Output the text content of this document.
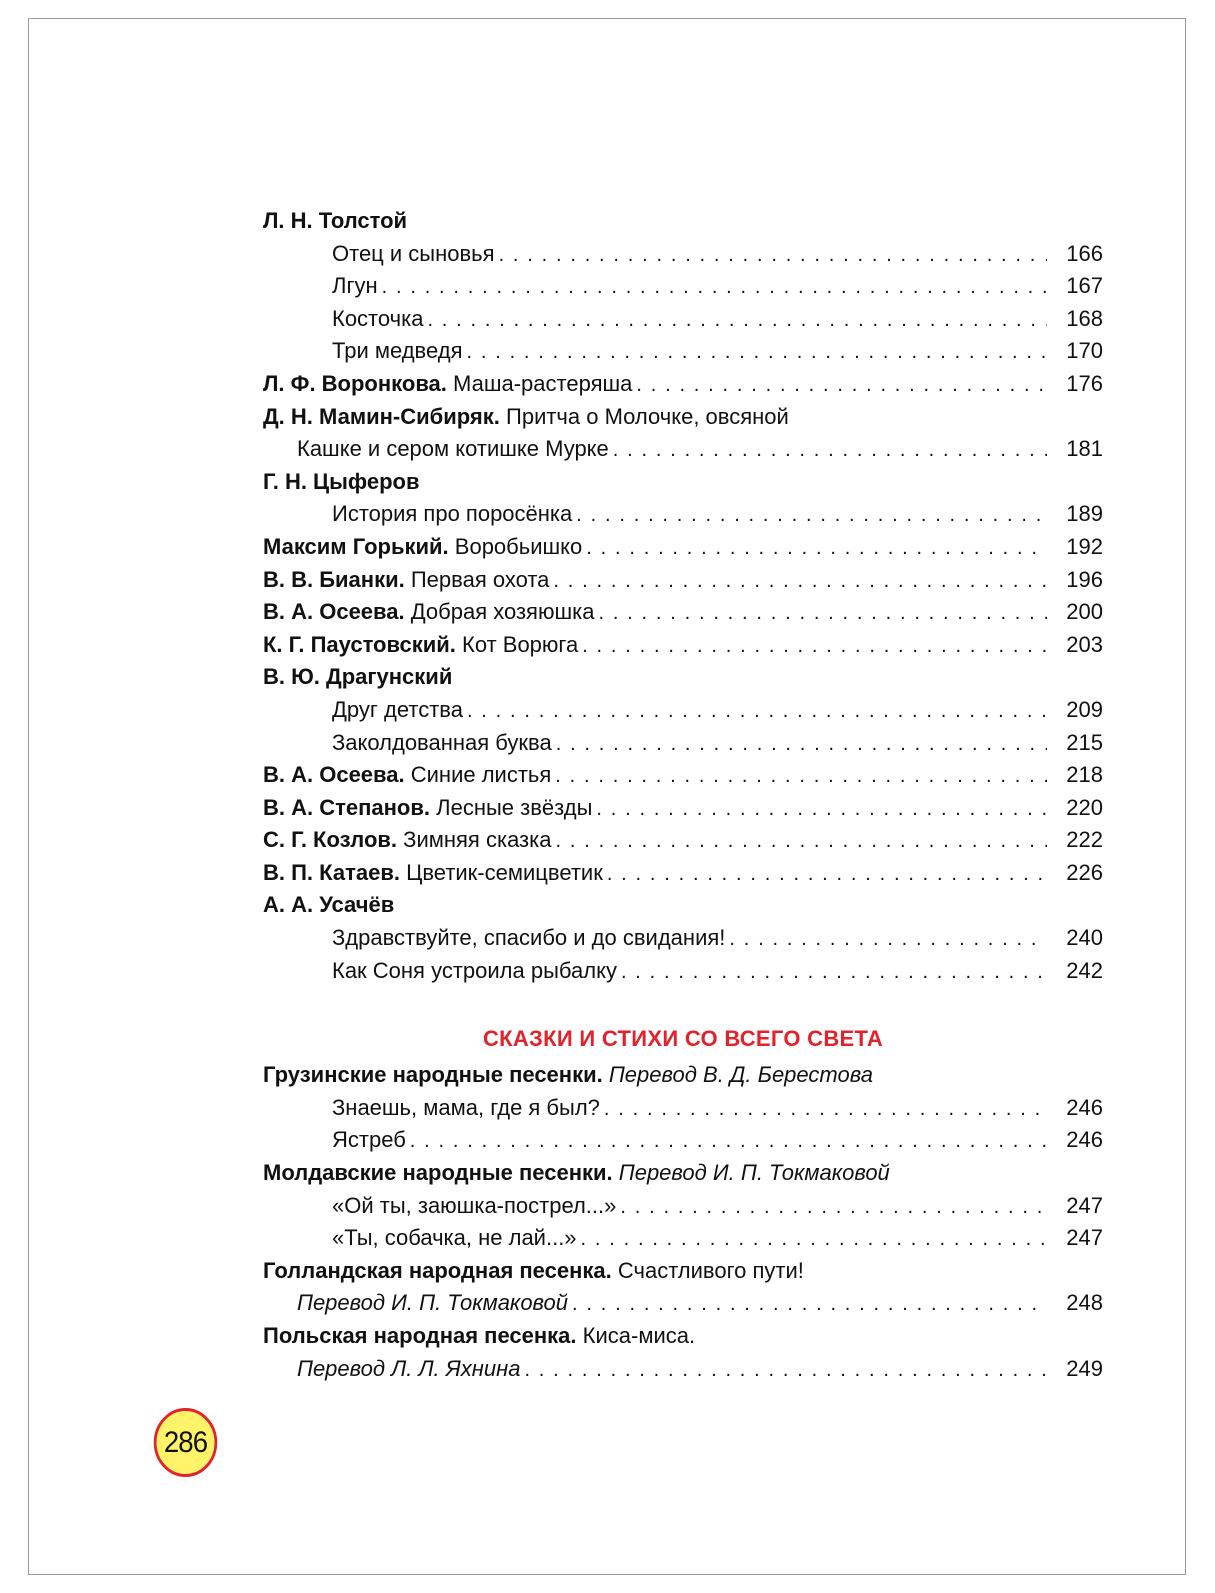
Л. Н. Толстой
Отец и сыновья .....	166
Лгун .....	167
Косточка .....	168
Три медведя .....	170
Л. Ф. Воронкова.
Маша-растеряша .....	176
Д. Н. Мамин-Сибиряк.
Притча о Молочке, овсяной
Кашке и сером котишке Мурке .....	181
Г. Н. Цыферов
История про поросёнка .....	189
Максим Горький.
Воробьишко .....	192
В. В. Бианки.
Первая охота .....	196
В. А. Осеева.
Добрая хозяюшка .....	200
К. Г. Паустовский.
Кот Ворюга .....	203
В. Ю. Драгунский
Друг детства .....	209
Заколдованная буква .....	215
В. А. Осеева.
Синие листья .....	218
В. А. Степанов.
Лесные звёзды .....	220
С. Г. Козлов.
Зимняя сказка .....	222
В. П. Катаев.
Цветик-семицветик .....	226
А. А. Усачёв
Здравствуйте, спасибо и до свидания! .....	240
Как Соня устроила рыбалку .....	242
СКАЗКИ И СТИХИ СО ВСЕГО СВЕТА
Грузинские народные песенки.
Перевод В. Д. Берестова
Знаешь, мама, где я был? .....	246
Ястреб .....	246
Молдавские народные песенки.
Перевод И. П. Токмаковой
«Ой ты, заюшка-пострел...» .....	247
«Ты, собачка, не лай...» .....	247
Голландская народная песенка.
Счастливого пути!
Перевод И. П. Токмаковой .....	248
Польская народная песенка.
Киса-миса.
Перевод Л. Л. Яхнина .....	249
286
